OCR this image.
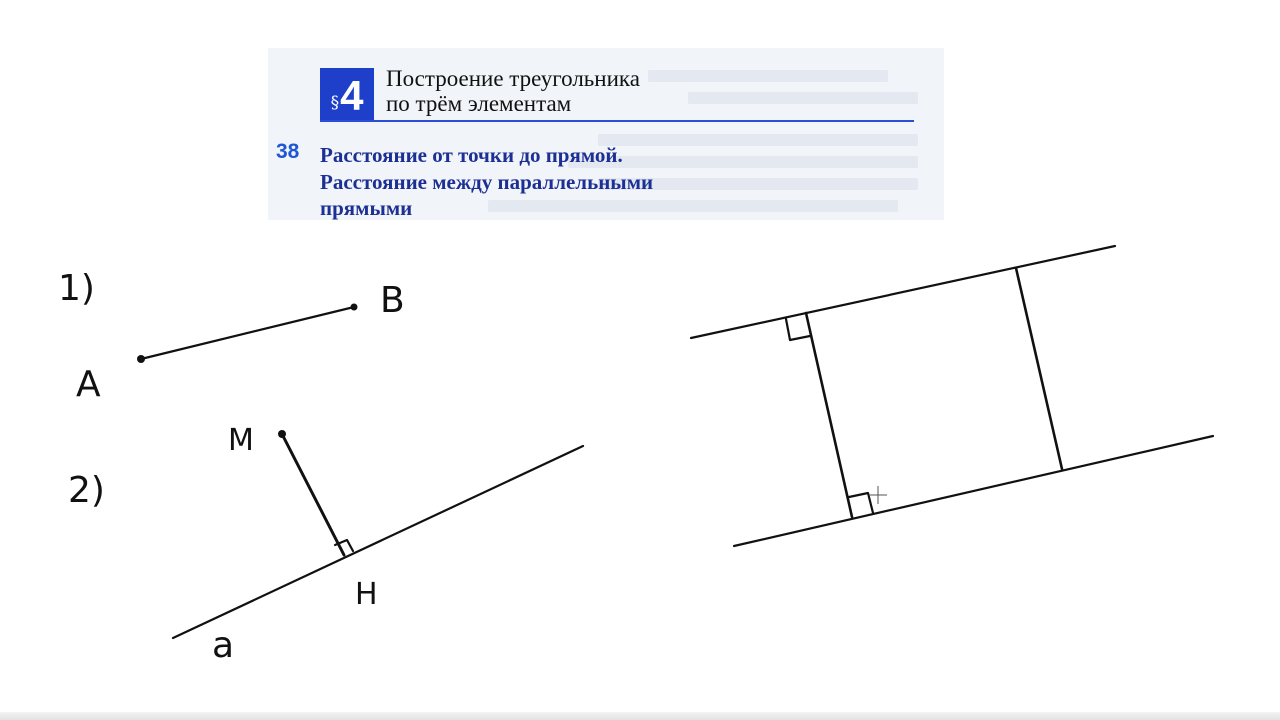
§ 4 Построение треугольника
по трём элементам
38 Расстояние от точки до прямой.
Расстояние между параллельными
прямыми
1)	B
A
M
2)
H
a
